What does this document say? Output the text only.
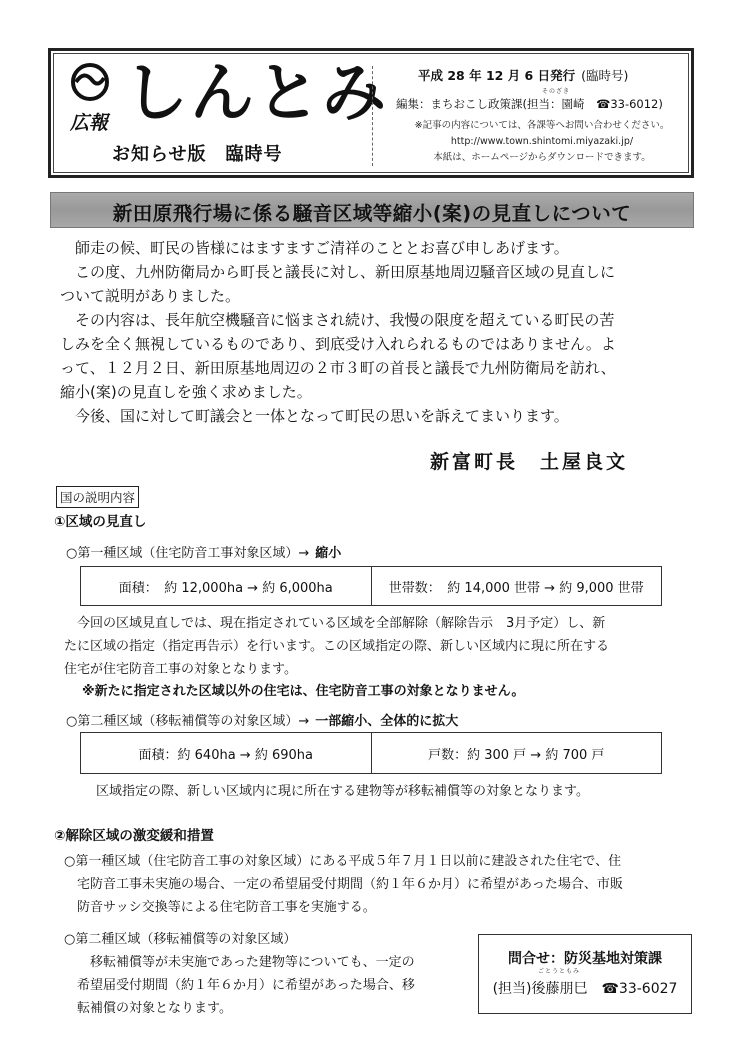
広報 しんとみ
お知らせ版　臨時号
平成 28 年 12 月 6 日発行 (臨時号)
そのざき
編集：まちおこし政策課(担当：園崎　 ☎33-6012)
※記事の内容については、各課等へお問い合わせください。
http://www.town.shintomi.miyazaki.jp/
本紙は、ホームページからダウンロードできます。
新田原飛行場に係る騒音区域等縮小(案)の見直しについて
　師走の候、町民の皆様にはますますご清祥のこととお喜び申しあげます。
　この度、九州防衛局から町長と議長に対し、新田原基地周辺騒音区域の見直しに
ついて説明がありました。
　その内容は、長年航空機騒音に悩まされ続け、我慢の限度を超えている町民の苦
しみを全く無視しているものであり、到底受け入れられるものではありません。よ
って、１２月２日、新田原基地周辺の２市３町の首長と議長で九州防衛局を訪れ、
縮小(案)の見直しを強く求めました。
　今後、国に対して町議会と一体となって町民の思いを訴えてまいります。
新富町長　土屋良文
国の説明内容
①区域の見直し
○第一種区域（住宅防音工事対象区域）→ 縮小
面積：　約 12,000ha → 約 6,000ha	世帯数：　約 14,000 世帯 → 約 9,000 世帯
　今回の区域見直しでは、現在指定されている区域を全部解除（解除告示　3月予定）し、新
たに区域の指定（指定再告示）を行います。この区域指定の際、新しい区域内に現に所在する
住宅が住宅防音工事の対象となります。
※新たに指定された区域以外の住宅は、住宅防音工事の対象となりません。
○第二種区域（移転補償等の対象区域）→ 一部縮小、全体的に拡大
面積：約 640ha → 約 690ha	戸数：約 300 戸 → 約 700 戸
区域指定の際、新しい区域内に現に所在する建物等が移転補償等の対象となります。
②解除区域の激変緩和措置
○第一種区域（住宅防音工事の対象区域）にある平成５年７月１日以前に建設された住宅で、住
　宅防音工事未実施の場合、一定の希望届受付期間（約１年６か月）に希望があった場合、市販
　防音サッシ交換等による住宅防音工事を実施する。
○第二種区域（移転補償等の対象区域）
　　移転補償等が未実施であった建物等についても、一定の
　希望届受付期間（約１年６か月）に希望があった場合、移
　転補償の対象となります。
問合せ：防災基地対策課
ごとうともみ
(担当)後藤朋巳　☎33-6027
